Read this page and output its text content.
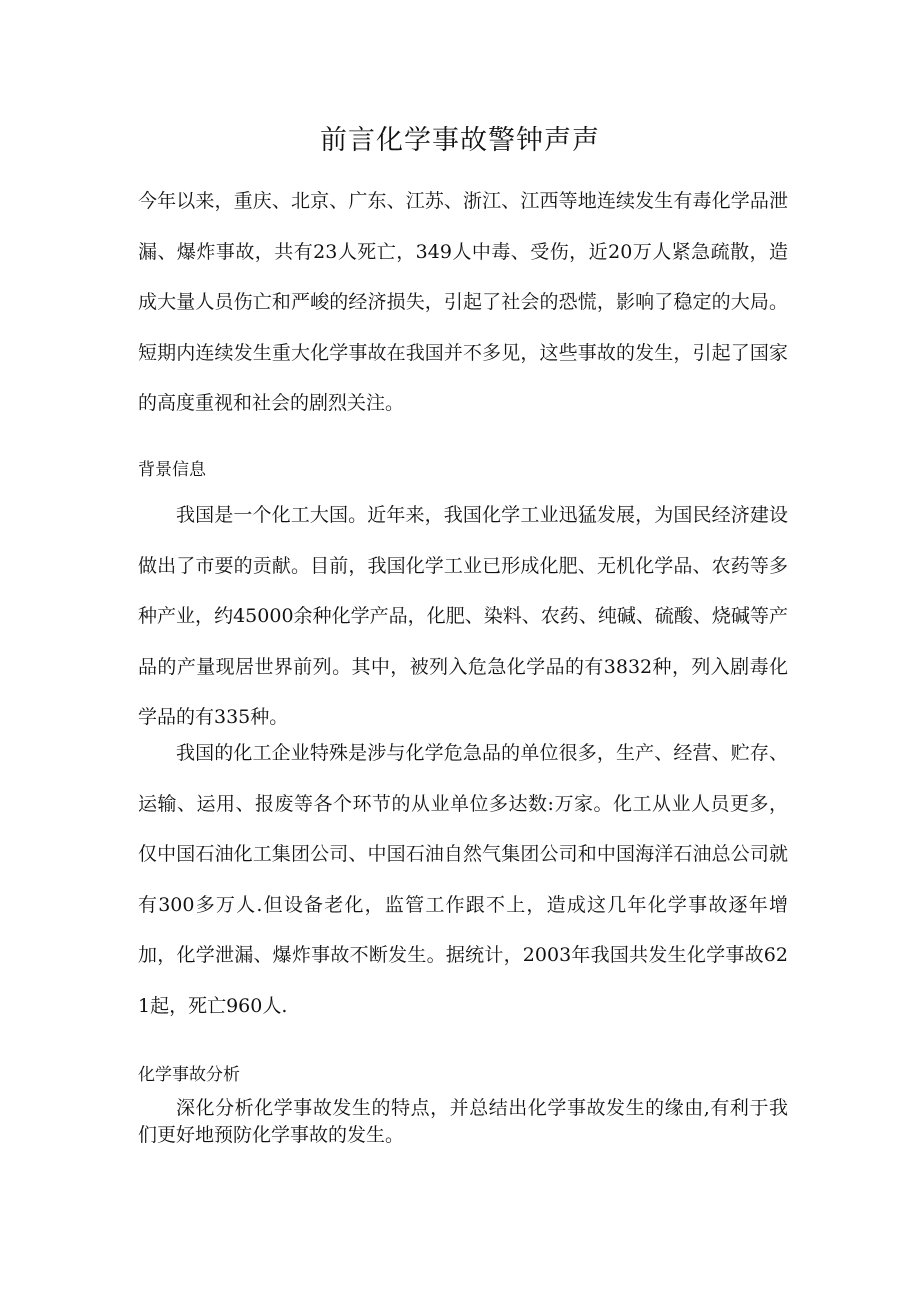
前言化学事故警钟声声

今年以来，重庆、北京、广东、江苏、浙江、江西等地连续发生有毒化学品泄漏、爆炸事故，共有23人死亡，349人中毒、受伤，近20万人紧急疏散，造成大量人员伤亡和严峻的经济损失，引起了社会的恐慌，影响了稳定的大局。短期内连续发生重大化学事故在我国并不多见，这些事故的发生，引起了国家的高度重视和社会的剧烈关注。

背景信息

我国是一个化工大国。近年来，我国化学工业迅猛发展，为国民经济建设做出了市要的贡献。目前，我国化学工业已形成化肥、无机化学品、农药等多种产业，约45000余种化学产品，化肥、染料、农药、纯碱、硫酸、烧碱等产品的产量现居世界前列。其中，被列入危急化学品的有3832种，列入剧毒化学品的有335种。

我国的化工企业特殊是涉与化学危急品的单位很多，生产、经营、贮存、运输、运用、报废等各个环节的从业单位多达数:万家。化工从业人员更多，仅中国石油化工集团公司、中国石油自然气集团公司和中国海洋石油总公司就有300多万人.但设备老化，监管工作跟不上，造成这几年化学事故逐年增加，化学泄漏、爆炸事故不断发生。据统计，2003年我国共发生化学事故621起，死亡960人.

化学事故分析

深化分析化学事故发生的特点，并总结出化学事故发生的缘由,有利于我们更好地预防化学事故的发生。
